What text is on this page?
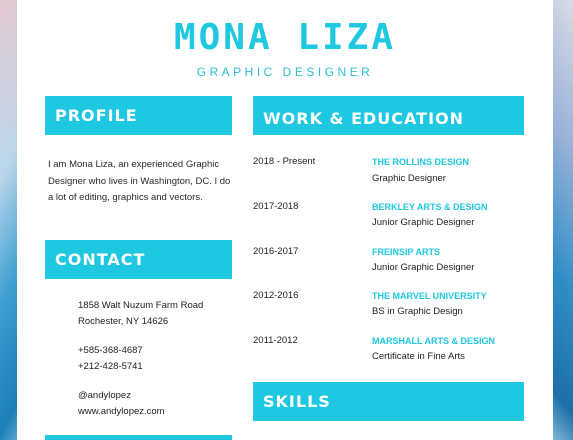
MONA LIZA
GRAPHIC DESIGNER
PROFILE
I am Mona Liza, an experienced Graphic Designer who lives in Washington, DC. I do a lot of editing, graphics and vectors.
CONTACT
1858 Walt Nuzum Farm Road
Rochester, NY 14626
+585-368-4687
+212-428-5741
@andylopez
www.andylopez.com
WORK & EDUCATION
2018 - Present	THE ROLLINS DESIGN
Graphic Designer
2017-2018	BERKLEY ARTS & DESIGN
Junior Graphic Designer
2016-2017	FREINSIP ARTS
Junior Graphic Designer
2012-2016	THE MARVEL UNIVERSITY
BS in Graphic Design
2011-2012	MARSHALL ARTS & DESIGN
Certificate in Fine Arts
SKILLS
